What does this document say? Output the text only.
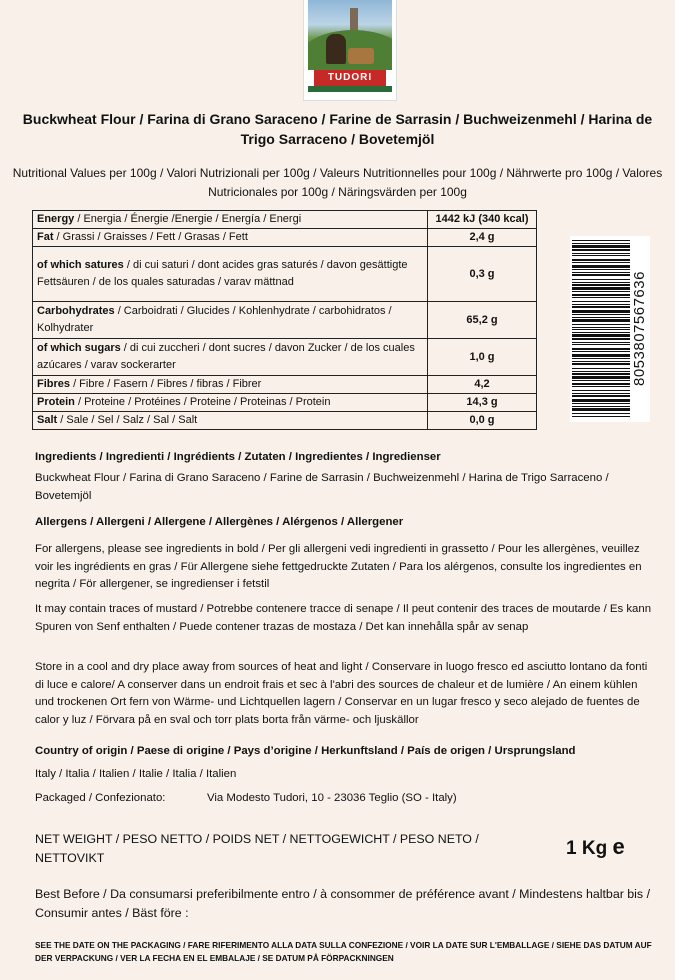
TUDORI
Buckwheat Flour / Farina di Grano Saraceno / Farine de Sarrasin / Buchweizenmehl / Harina de Trigo Sarraceno / Bovetemjöl

Nutritional Values per 100g / Valori Nutrizionali per 100g / Valeurs Nutritionnelles pour 100g / Nährwerte pro 100g / Valores Nutricionales por 100g / Näringsvärden per 100g

Energy / Energia / Énergie /Energie / Energía / Energi	1442 kJ (340 kcal)
Fat / Grassi / Graisses / Fett / Grasas / Fett	2,4 g
of which satures / di cui saturi / dont acides gras saturés / davon gesättigte Fettsäuren / de los quales saturadas / varav mättnad	0,3 g
Carbohydrates / Carboidrati / Glucides / Kohlenhydrate / carbohidratos / Kolhydrater	65,2 g
of which sugars / di cui zuccheri / dont sucres / davon Zucker / de los cuales azúcares / varav sockerarter	1,0 g
Fibres / Fibre / Fasern / Fibres / fibras / Fibrer	4,2
Protein / Proteine / Protéines / Proteine / Proteinas / Protein	14,3 g
Salt / Sale / Sel / Salz / Sal / Salt	0,0 g
8053807567636

Ingredients / Ingredienti / Ingrédients / Zutaten / Ingredientes / Ingredienser

Buckwheat Flour / Farina di Grano Saraceno / Farine de Sarrasin / Buchweizenmehl / Harina de Trigo Sarraceno / Bovetemjöl

Allergens / Allergeni / Allergene / Allergènes / Alérgenos / Allergener

For allergens, please see ingredients in bold / Per gli allergeni vedi ingredienti in grassetto / Pour les allergènes, veuillez voir les ingrédients en gras / Für Allergene siehe fettgedruckte Zutaten / Para los alérgenos, consulte los ingredientes en negrita / För allergener, se ingredienser i fetstil

It may contain traces of mustard / Potrebbe contenere tracce di senape / Il peut contenir des traces de moutarde / Es kann Spuren von Senf enthalten / Puede contener trazas de mostaza / Det kan innehålla spår av senap

Store in a cool and dry place away from sources of heat and light / Conservare in luogo fresco ed asciutto lontano da fonti di luce e calore/ A conserver dans un endroit frais et sec à l'abri des sources de chaleur et de lumière / An einem kühlen und trockenen Ort fern von Wärme- und Lichtquellen lagern / Conservar en un lugar fresco y seco alejado de fuentes de calor y luz / Förvara på en sval och torr plats borta från värme- och ljuskällor

Country of origin / Paese di origine / Pays d’origine / Herkunftsland / País de origen / Ursprungsland

Italy / Italia / Italien / Italie / Italia / Italien

Packaged / Confezionato:	Via Modesto Tudori, 10 - 23036 Teglio (SO - Italy)

NET WEIGHT / PESO NETTO / POIDS NET / NETTOGEWICHT / PESO NETO / NETTOVIKT	1 Kg e

Best Before / Da consumarsi preferibilmente entro / à consommer de préférence avant / Mindestens haltbar bis / Consumir antes / Bäst före :

SEE THE DATE ON THE PACKAGING / FARE RIFERIMENTO ALLA DATA SULLA CONFEZIONE / VOIR LA DATE SUR L'EMBALLAGE / SIEHE DAS DATUM AUF DER VERPACKUNG / VER LA FECHA EN EL EMBALAJE / SE DATUM PÅ FÖRPACKNINGEN
